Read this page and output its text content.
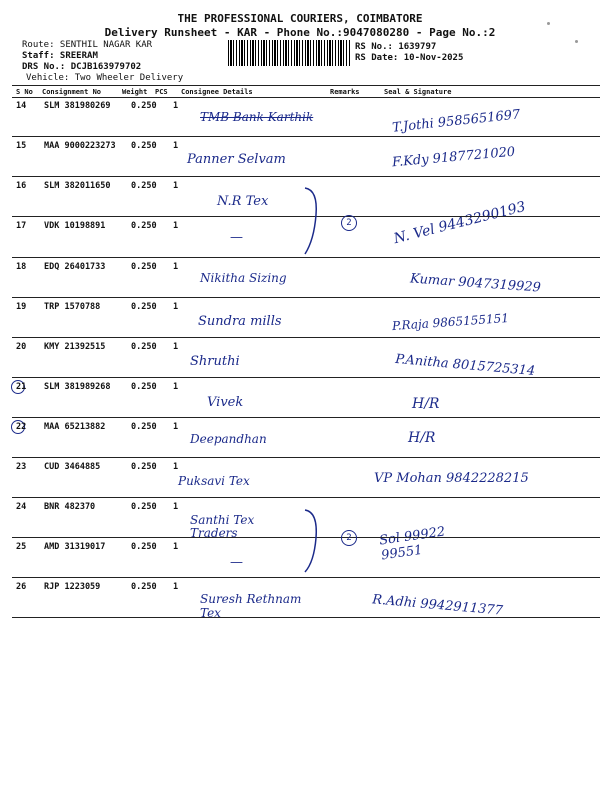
THE PROFESSIONAL COURIERS, COIMBATORE
Delivery Runsheet - KAR - Phone No.:9047080280 - Page No.:2
Route: SENTHIL NAGAR KAR
Staff: SREERAM
DRS No.: DCJB163979702
Vehicle: Two Wheeler Delivery
RS No.: 1639797
RS Date: 10-Nov-2025
S No Consignment No	Weight PCS Consignee Details	Remarks	Seal & Signature
14 SLM 381980269 0.250 1
TMB Bank Karthik	T.Jothi 9585651697
15 MAA 9000223273 0.250 1
Panner Selvam	F.Kdy 9187721020
16 SLM 382011650 0.250 1
N.R Tex	N. Vel 9443290193
17 VDK 10198891	0.250 1
—
18 EDQ 26401733	0.250 1
Nikitha Sizing	Kumar 9047319929
19 TRP 1570788	0.250 1
Sundra mills	P.Raja 9865155151
20 KMY 21392515	0.250 1
Shruthi	P.Anitha 8015725314
21 SLM 381989268 0.250 1
Vivek	H/R
22 MAA 65213882	0.250 1
Deepandhan	H/R
23 CUD 3464885	0.250 1
Puksavi Tex	VP Mohan 9842228215
24 BNR 482370	0.250 1
Santhi Tex Traders	Sol 99922 99551
25 AMD 31319017	0.250 1
—
26 RJP 1223059	0.250 1
Suresh Rethnam Tex	R.Adhi 9942911377
2
2
